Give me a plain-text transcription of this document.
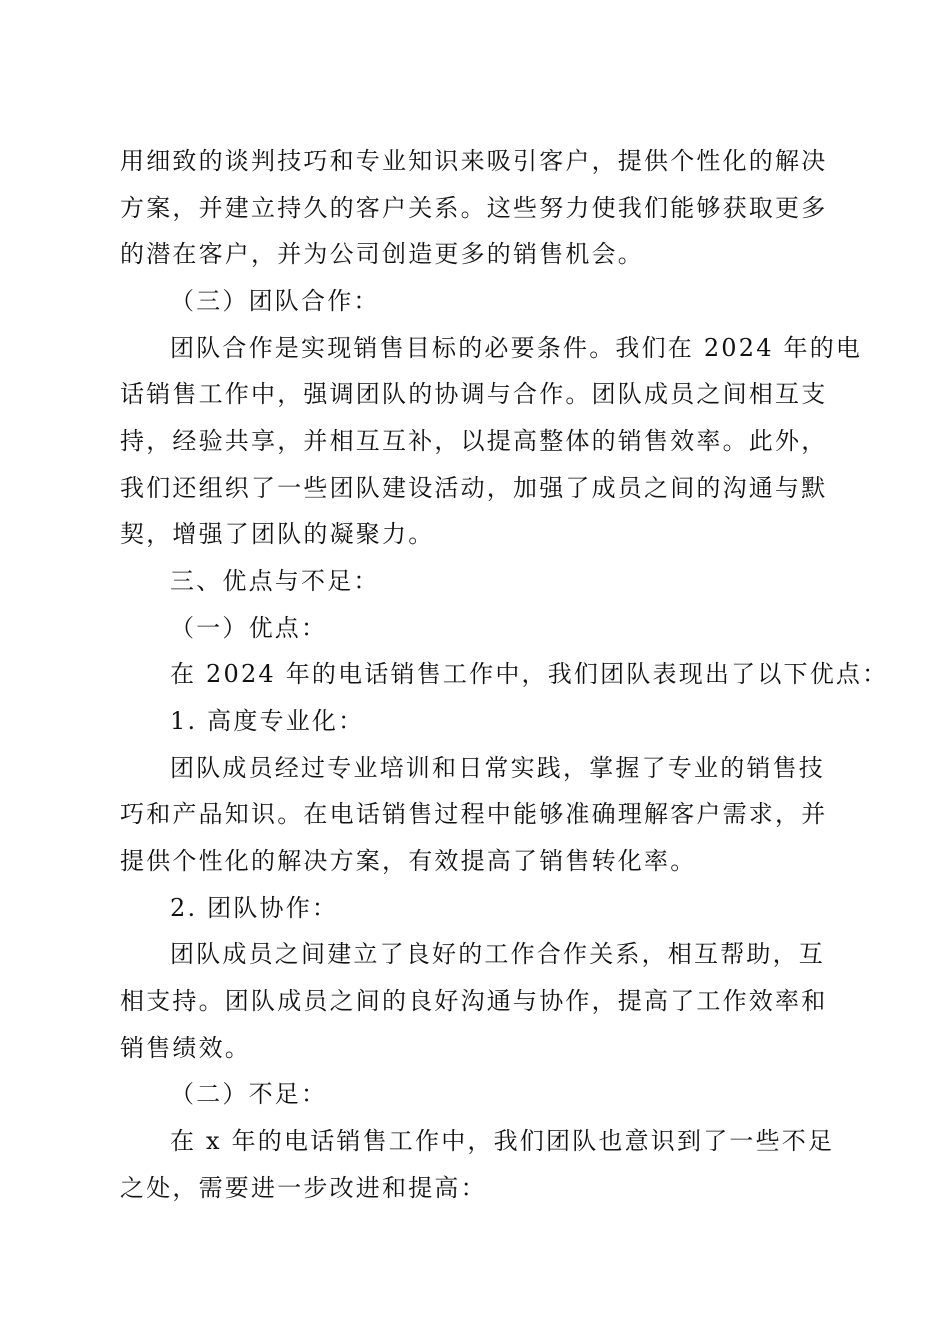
用细致的谈判技巧和专业知识来吸引客户，提供个性化的解决
方案，并建立持久的客户关系。这些努力使我们能够获取更多
的潜在客户，并为公司创造更多的销售机会。
（三）团队合作：
团队合作是实现销售目标的必要条件。我们在 2024 年的电
话销售工作中，强调团队的协调与合作。团队成员之间相互支
持，经验共享，并相互互补，以提高整体的销售效率。此外，
我们还组织了一些团队建设活动，加强了成员之间的沟通与默
契，增强了团队的凝聚力。
三、优点与不足：
（一）优点：
在 2024 年的电话销售工作中，我们团队表现出了以下优点：
1. 高度专业化：
团队成员经过专业培训和日常实践，掌握了专业的销售技
巧和产品知识。在电话销售过程中能够准确理解客户需求，并
提供个性化的解决方案，有效提高了销售转化率。
2. 团队协作：
团队成员之间建立了良好的工作合作关系，相互帮助，互
相支持。团队成员之间的良好沟通与协作，提高了工作效率和
销售绩效。
（二）不足：
在 x 年的电话销售工作中，我们团队也意识到了一些不足
之处，需要进一步改进和提高：
